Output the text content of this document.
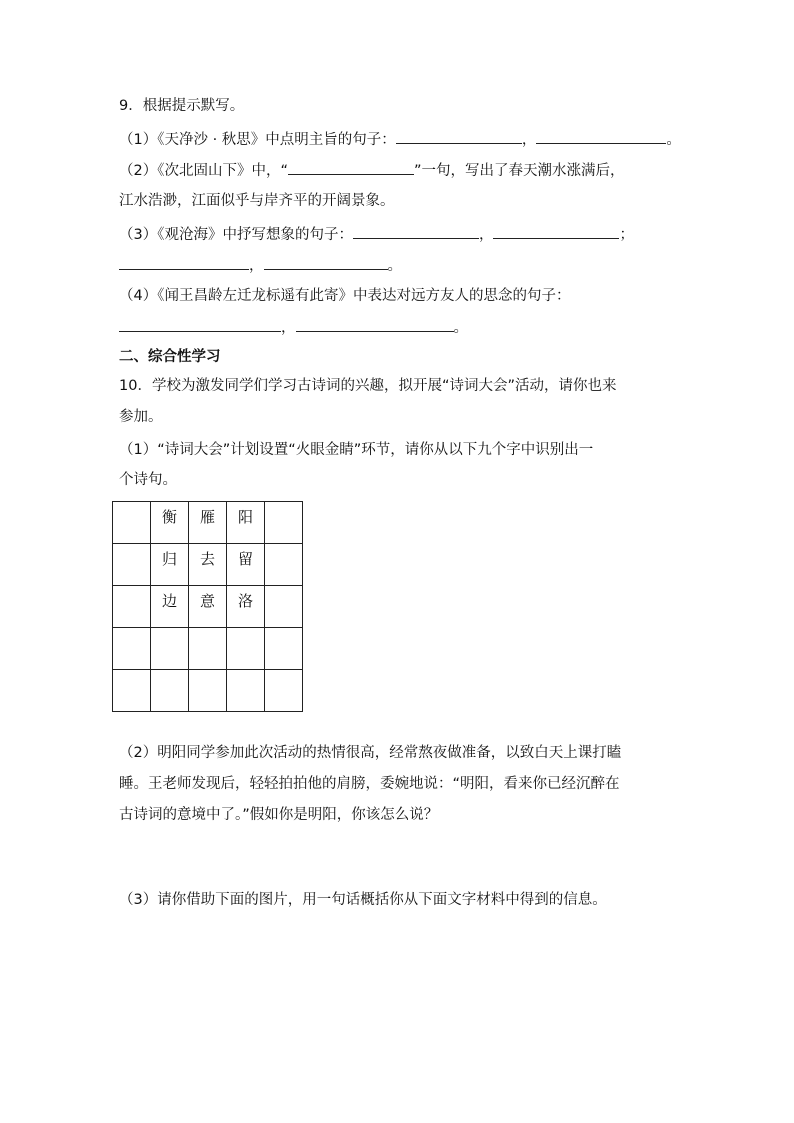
9．根据提示默写。
（1）《天净沙 · 秋思》中点明主旨的句子：	，	。
（2）《次北固山下》中，“	”一句，写出了春天潮水涨满后，
江水浩渺，江面似乎与岸齐平的开阔景象。
（3）《观沧海》中抒写想象的句子：	，	；
，	。
（4）《闻王昌龄左迁龙标遥有此寄》中表达对远方友人的思念的句子：
，	。
二、综合性学习
10．学校为激发同学们学习古诗词的兴趣，拟开展“诗词大会”活动，请你也来
参加。
（1）“诗词大会”计划设置“火眼金睛”环节，请你从以下九个字中识别出一
个诗句。
	衡	雁	阳	
	归	去	留	
	边	意	洛	

（2）明阳同学参加此次活动的热情很高，经常熬夜做准备，以致白天上课打瞌
睡。王老师发现后，轻轻拍拍他的肩膀，委婉地说：“明阳，看来你已经沉醉在
古诗词的意境中了。”假如你是明阳，你该怎么说？
（3）请你借助下面的图片，用一句话概括你从下面文字材料中得到的信息。
